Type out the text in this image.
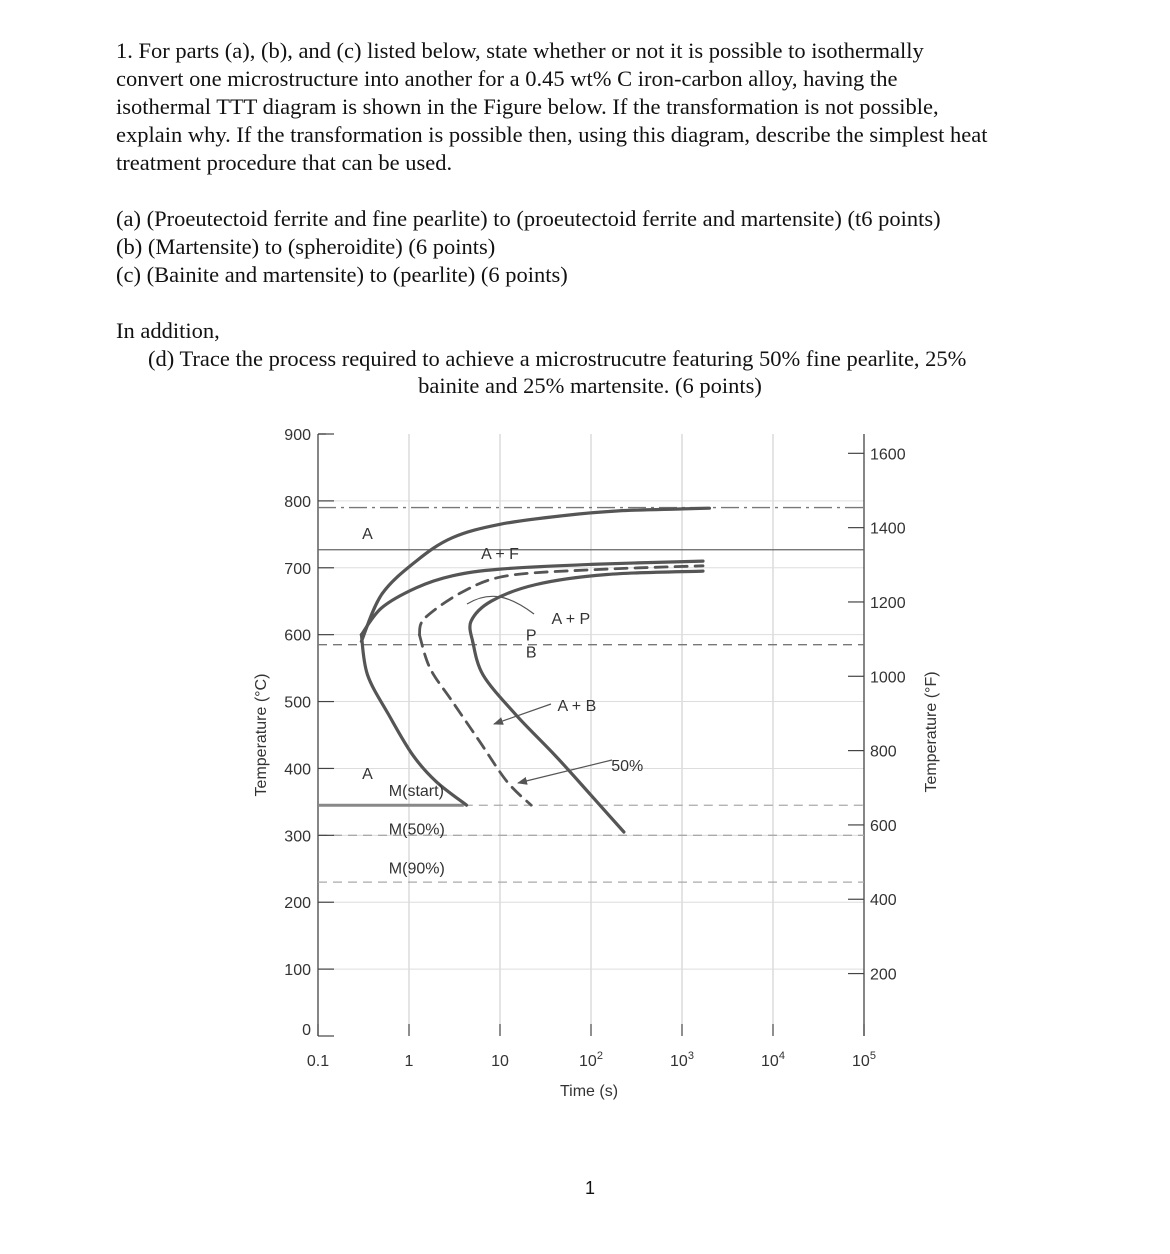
1. For parts (a), (b), and (c) listed below, state whether or not it is possible to isothermally
convert one microstructure into another for a 0.45 wt% C iron-carbon alloy, having the
isothermal TTT diagram is shown in the Figure below. If the transformation is not possible,
explain why. If the transformation is possible then, using this diagram, describe the simplest heat
treatment procedure that can be used.
(a) (Proeutectoid ferrite and fine pearlite) to (proeutectoid ferrite and martensite) (t6 points)
(b) (Martensite) to (spheroidite) (6 points)
(c) (Bainite and martensite) to (pearlite) (6 points)
In addition,
(d) Trace the process required to achieve a microstrucutre featuring 50% fine pearlite, 25%
bainite and 25% martensite. (6 points)
0
100
200
300
400
500
600
700
800
900
200
400
600
800
1000
1200
1400
1600
0.1	1	10	$10^2$	$10^3$	$10^4$	$10^5$
Time (s)
Temperature (°C)	Temperature (°F)
A
A + F
A + P
P
B
A + B
A	50%
M(start)
M(50%)
M(90%)
1
